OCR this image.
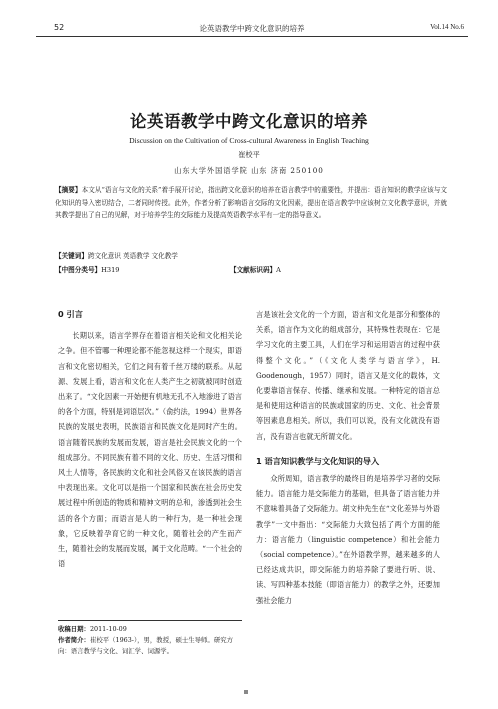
52	论英语教学中跨文化意识的培养	Vol.14 No.6
论英语教学中跨文化意识的培养
Discussion on the Cultivation of Cross-cultural Awareness in English Teaching
崔校平
山东大学外国语学院 山东 济南 250100
【摘要】本文从“语言与文化的关系”着手展开讨论，指出跨文化意识的培养在语言教学中的重要性，并提出：语言知识的教学应该与文化知识的导入密切结合，二者同时传授。此外，作者分析了影响语言交际的文化因素，提出在语言教学中应该树立文化教学意识，并就其教学提出了自己的见解，对于培养学生的交际能力及提高英语教学水平有一定的指导意义。
【关键词】跨文化意识 英语教学 文化教学
【中图分类号】H319	【文献标识码】A
0 引言

长期以来，语言学界存在着语言相关论和文化相关论之争。但不管哪一种理论都不能忽视这样一个现实，即语言和文化密切相关，它们之间有着千丝万缕的联系。从起源、发展上看，语言和文化在人类产生之初就被同时创造出来了。“文化因素一开始便有机地无孔不入地渗进了语言的各个方面，特别是词语层次。”（俞约法，1994）世界各民族的发展史表明，民族语言和民族文化是同时产生的。语言随着民族的发展而发展，语言是社会民族文化的一个组成部分。不同民族有着不同的文化、历史、生活习惯和风土人情等，各民族的文化和社会风俗又在该民族的语言中表现出来。文化可以是指一个国家和民族在社会历史发展过程中所创造的物质和精神文明的总和，渗透到社会生活的各个方面；而语言是人的一种行为，是一种社会现象，它反映着孕育它的一种文化，随着社会的产生而产生，随着社会的发展而发展，属于文化范畴。“一个社会的语

言是该社会文化的一个方面，语言和文化是部分和整体的关系，语言作为文化的组成部分，其特殊性表现在：它是学习文化的主要工具，人们在学习和运用语言的过程中获得整个文化。”（《文化人类学与语言学》，H. Goodenough，1957）同时，语言又是文化的载体，文化要靠语言保存、传播、继承和发展。一种特定的语言总是和使用这种语言的民族或国家的历史、文化、社会背景等因素息息相关。所以，我们可以说，没有文化就没有语言，没有语言也就无所谓文化。

1 语言知识教学与文化知识的导入

众所周知，语言教学的最终目的是培养学习者的交际能力。语言能力是交际能力的基础，但具备了语言能力并不意味着具备了交际能力。胡文仲先生在“文化差异与外语教学”一文中指出：“交际能力大致包括了两个方面的能力：语言能力（linguistic competence）和社会能力（social competence）。”在外语教学界，越来越多的人已经达成共识，即交际能力的培养除了要进行听、说、读、写四种基本技能（即语言能力）的教学之外，还要加强社会能力

收稿日期：2011-10-09
作者简介：崔校平（1963-），男，教授，硕士生导师。研究方向：语言教学与文化、词汇学、词源学。
